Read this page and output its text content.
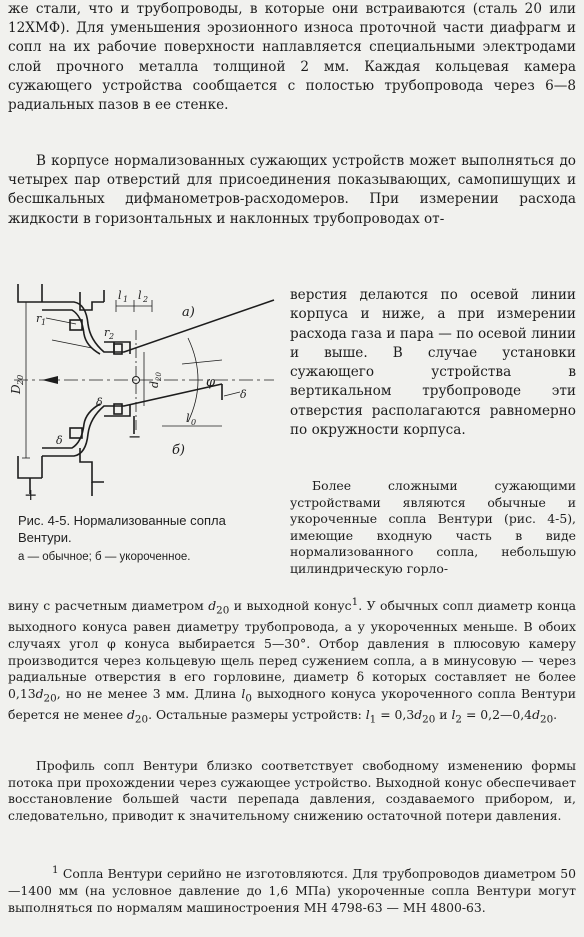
же стали, что и трубопроводы, в которые они встраиваются (сталь 20 или 12ХМФ). Для уменьшения эрозионного износа проточной части диафрагм и сопл на их рабочие поверхности наплавляется специальными электродами слой прочного металла толщиной 2 мм. Каждая кольцевая камера сужающего устройства сообщается с полостью трубопровода через 6—8 радиальных пазов в ее стенке.

В корпусе нормализованных сужающих устройств может выполняться до четырех пар отверстий для присоединения показывающих, самопишущих и бесшкальных дифманометров-расходомеров. При измерении расхода жидкости в горизонтальных и наклонных трубопроводах от-

верстия делаются по осевой линии корпуса и ниже, а при измерении расхода газа и пара — по осевой линии и выше. В случае установки сужающего устройства в вертикальном трубопроводе эти отверстия располагаются равномерно по окружности корпуса.

а)
б)
l 1 l 2
r 1
r 2
D
20	d
20	φ
δ
δ
δ
l 0
+
−

Рис. 4-5. Нормализованные сопла Вентури.

а — обычное; б — укороченное.

Более сложными сужающими устройствами являются обычные и укороченные сопла Вентури (рис. 4-5), имеющие входную часть в виде нормализованного сопла, небольшую цилиндрическую горло-

вину с расчетным диаметром $d_{20}$ и выходной конус$^1$. У обычных сопл диаметр конца выходного конуса равен диаметру трубопровода, а у укороченных меньше. В обоих случаях угол φ конуса выбирается 5—30°. Отбор давления в плюсовую камеру производится через кольцевую щель перед сужением сопла, а в минусовую — через радиальные отверстия в его горловине, диаметр δ которых составляет не более $0,13d_{20}$, но не менее 3 мм. Длина $l_0$ выходного конуса укороченного сопла Вентури берется не менее $d_{20}$. Остальные размеры устройств: $l_1 = 0,3d_{20}$ и $l_2$ = $0,2—0,4d_{20}$.

Профиль сопл Вентури близко соответствует свободному изменению формы потока при прохождении через сужающее устройство. Выходной конус обеспечивает восстановление большей части перепада давления, создаваемого прибором, и, следовательно, приводит к значительному снижению остаточной потери давления.

$^1$ Сопла Вентури серийно не изготовляются. Для трубопроводов диаметром 50—1400 мм (на условное давление до 1,6 МПа) укороченные сопла Вентури могут выполняться по нормалям машиностроения МН 4798-63 — МН 4800-63.
